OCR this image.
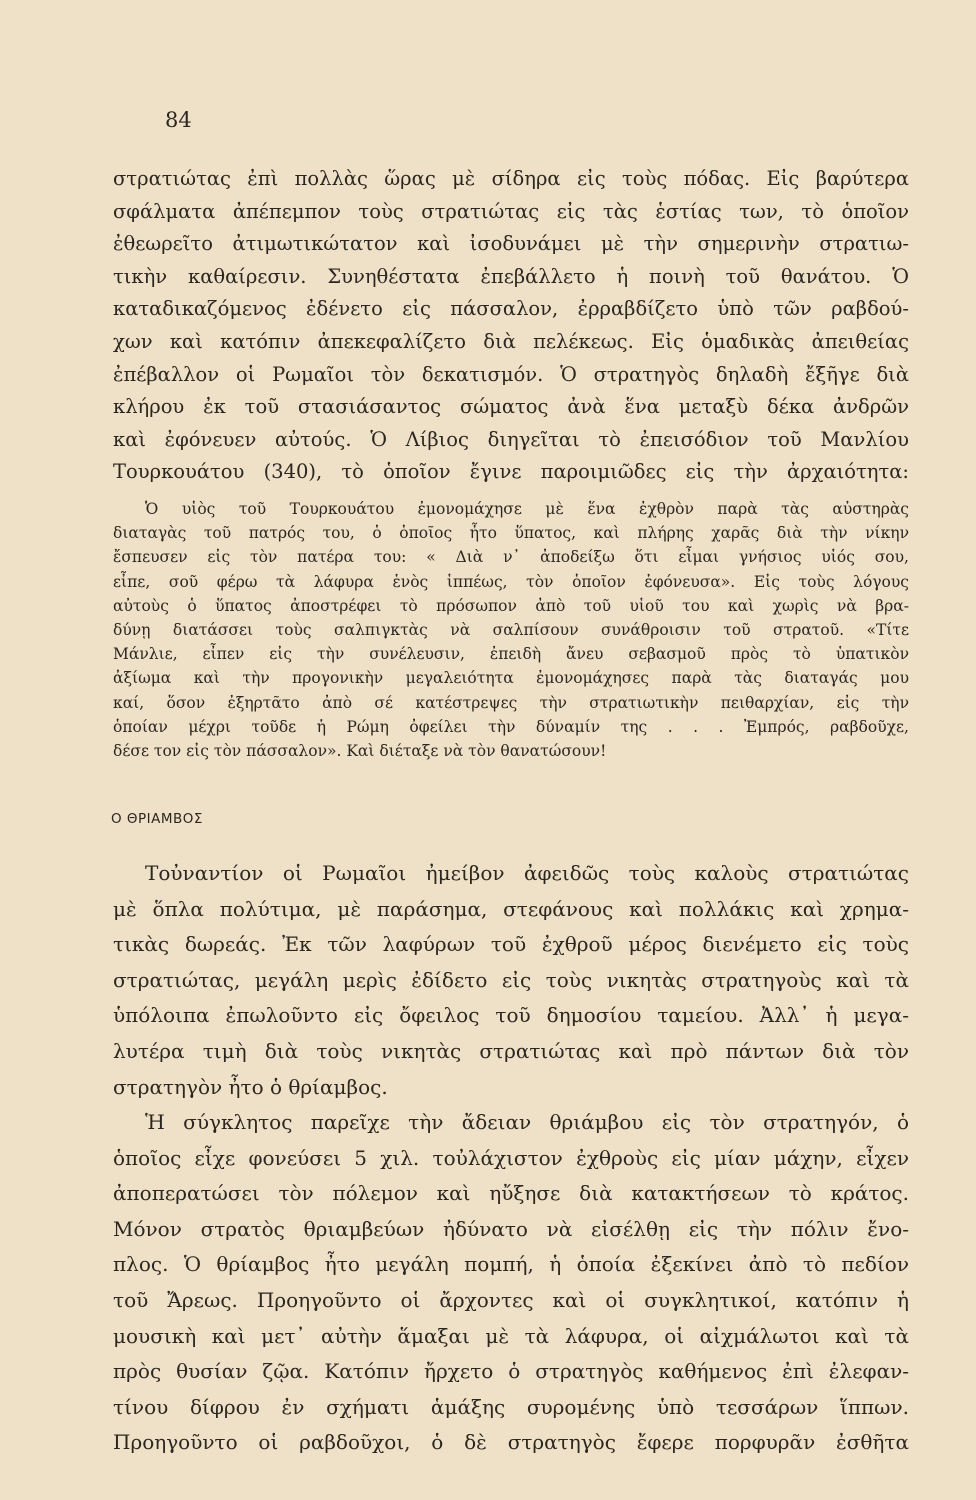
84
στρατιώτας ἐπὶ πολλὰς ὥρας μὲ σίδηρα εἰς τοὺς πόδας. Εἰς βαρύτερα
σφάλματα ἀπέπεμπον τοὺς στρατιώτας εἰς τὰς ἑστίας των, τὸ ὁποῖον
ἐθεωρεῖτο ἀτιμωτικώτατον καὶ ἰσοδυνάμει μὲ τὴν σημερινὴν στρατιω-
τικὴν καθαίρεσιν. Συνηθέστατα ἐπεβάλλετο ἡ ποινὴ τοῦ θανάτου. Ὁ
καταδικαζόμενος ἐδένετο εἰς πάσσαλον, ἐρραβδίζετο ὑπὸ τῶν ραβδού-
χων καὶ κατόπιν ἀπεκεφαλίζετο διὰ πελέκεως. Εἰς ὁμαδικὰς ἀπειθείας
ἐπέβαλλον οἱ Ρωμαῖοι τὸν δεκατισμόν. Ὁ στρατηγὸς δηλαδὴ ἔξῆγε διὰ
κλήρου ἐκ τοῦ στασιάσαντος σώματος ἀνὰ ἕνα μεταξὺ δέκα ἀνδρῶν
καὶ ἐφόνευεν αὐτούς. Ὁ Λίβιος διηγεῖται τὸ ἐπεισόδιον τοῦ Μανλίου
Τουρκουάτου (340), τὸ ὁποῖον ἔγινε παροιμιῶδες εἰς τὴν ἀρχαιότητα:
Ὁ υἱὸς τοῦ Τουρκουάτου ἐμονομάχησε μὲ ἕνα ἐχθρὸν παρὰ τὰς αὐστηρὰς
διαταγὰς τοῦ πατρός του, ὁ ὁποῖος ἦτο ὕπατος, καὶ πλήρης χαρᾶς διὰ τὴν νίκην
ἔσπευσεν εἰς τὸν πατέρα του: « Διὰ ν᾽ ἀποδείξω ὅτι εἶμαι γνήσιος υἱός σου,
εἶπε, σοῦ φέρω τὰ λάφυρα ἑνὸς ἱππέως, τὸν ὁποῖον ἐφόνευσα». Εἰς τοὺς λόγους
αὐτοὺς ὁ ὕπατος ἀποστρέφει τὸ πρόσωπον ἀπὸ τοῦ υἱοῦ του καὶ χωρὶς νὰ βρα-
δύνῃ διατάσσει τοὺς σαλπιγκτὰς νὰ σαλπίσουν συνάθροισιν τοῦ στρατοῦ. «Τίτε
Μάνλιε, εἶπεν εἰς τὴν συνέλευσιν, ἐπειδὴ ἄνευ σεβασμοῦ πρὸς τὸ ὑπατικὸν
ἀξίωμα καὶ τὴν προγονικὴν μεγαλειότητα ἐμονομάχησες παρὰ τὰς διαταγάς μου
καί, ὅσον ἐξηρτᾶτο ἀπὸ σέ κατέστρεψες τὴν στρατιωτικὴν πειθαρχίαν, εἰς τὴν
ὁποίαν μέχρι τοῦδε ἡ Ρώμη ὀφείλει τὴν δύναμίν της . . . Ἐμπρός, ραβδοῦχε,
δέσε τον εἰς τὸν πάσσαλον». Καὶ διέταξε νὰ τὸν θανατώσουν!
Ο ΘΡΙΑΜΒΟΣ
Τοὐναντίον οἱ Ρωμαῖοι ἠμείβον ἀφειδῶς τοὺς καλοὺς στρατιώτας
μὲ ὅπλα πολύτιμα, μὲ παράσημα, στεφάνους καὶ πολλάκις καὶ χρημα-
τικὰς δωρεάς. Ἐκ τῶν λαφύρων τοῦ ἐχθροῦ μέρος διενέμετο εἰς τοὺς
στρατιώτας, μεγάλη μερὶς ἐδίδετο εἰς τοὺς νικητὰς στρατηγοὺς καὶ τὰ
ὑπόλοιπα ἐπωλοῦντο εἰς ὄφειλος τοῦ δημοσίου ταμείου. Ἀλλ᾽ ἡ μεγα-
λυτέρα τιμὴ διὰ τοὺς νικητὰς στρατιώτας καὶ πρὸ πάντων διὰ τὸν
στρατηγὸν ἦτο ὁ θρίαμβος.
Ἡ σύγκλητος παρεῖχε τὴν ἄδειαν θριάμβου εἰς τὸν στρατηγόν, ὁ
ὁποῖος εἶχε φονεύσει 5 χιλ. τοὐλάχιστον ἐχθροὺς εἰς μίαν μάχην, εἶχεν
ἀποπερατώσει τὸν πόλεμον καὶ ηὔξησε διὰ κατακτήσεων τὸ κράτος.
Μόνον στρατὸς θριαμβεύων ἠδύνατο νὰ εἰσέλθῃ εἰς τὴν πόλιν ἔνο-
πλος. Ὁ θρίαμβος ἦτο μεγάλη πομπή, ἡ ὁποία ἐξεκίνει ἀπὸ τὸ πεδίον
τοῦ Ἄρεως. Προηγοῦντο οἱ ἄρχοντες καὶ οἱ συγκλητικοί, κατόπιν ἡ
μουσικὴ καὶ μετ᾽ αὐτὴν ἅμαξαι μὲ τὰ λάφυρα, οἱ αἰχμάλωτοι καὶ τὰ
πρὸς θυσίαν ζῷα. Κατόπιν ἤρχετο ὁ στρατηγὸς καθήμενος ἐπὶ ἐλεφαν-
τίνου δίφρου ἐν σχήματι ἁμάξης συρομένης ὑπὸ τεσσάρων ἵππων.
Προηγοῦντο οἱ ραβδοῦχοι, ὁ δὲ στρατηγὸς ἔφερε πορφυρᾶν ἐσθῆτα
